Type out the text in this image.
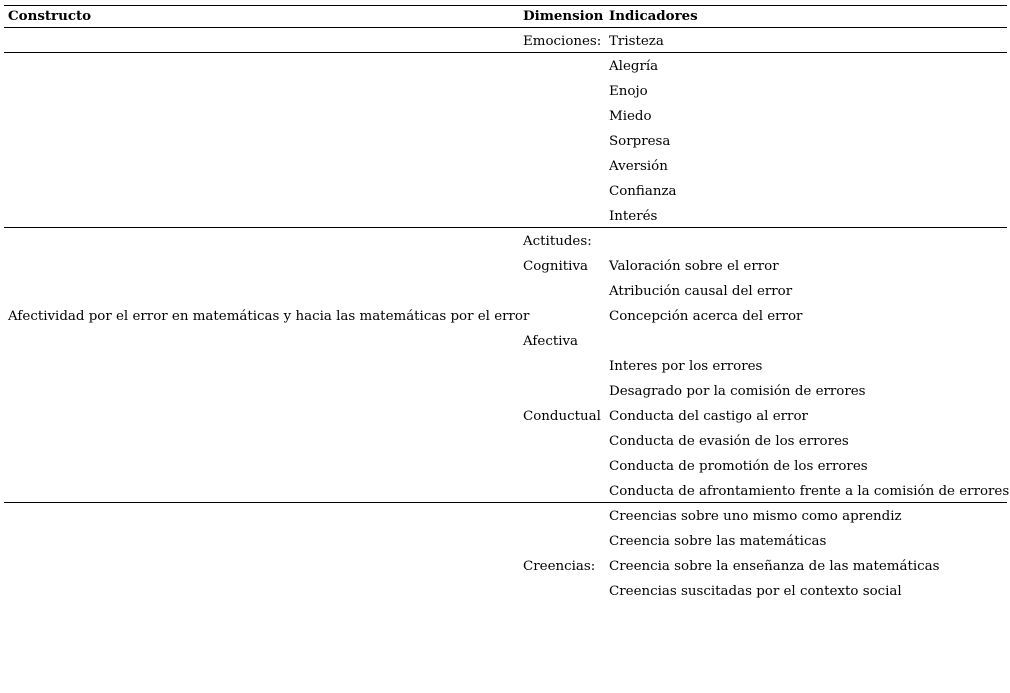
Constructo	Dimension Indicadores
Emociones: Tristeza
Alegría
Enojo
Miedo
Sorpresa
Aversión
Confianza
Interés
Actitudes:
Cognitiva Valoración sobre el error
Atribución causal del error
Afectividad por el error en matemáticas y hacia las matemáticas por el error	Concepción acerca del error
Afectiva
Interes por los errores
Desagrado por la comisión de errores
Conductual Conducta del castigo al error
Conducta de evasión de los errores
Conducta de promotión de los errores
Conducta de afrontamiento frente a la comisión de errores
Creencias sobre uno mismo como aprendiz
Creencia sobre las matemáticas
Creencias: Creencia sobre la enseñanza de las matemáticas
Creencias suscitadas por el contexto social
